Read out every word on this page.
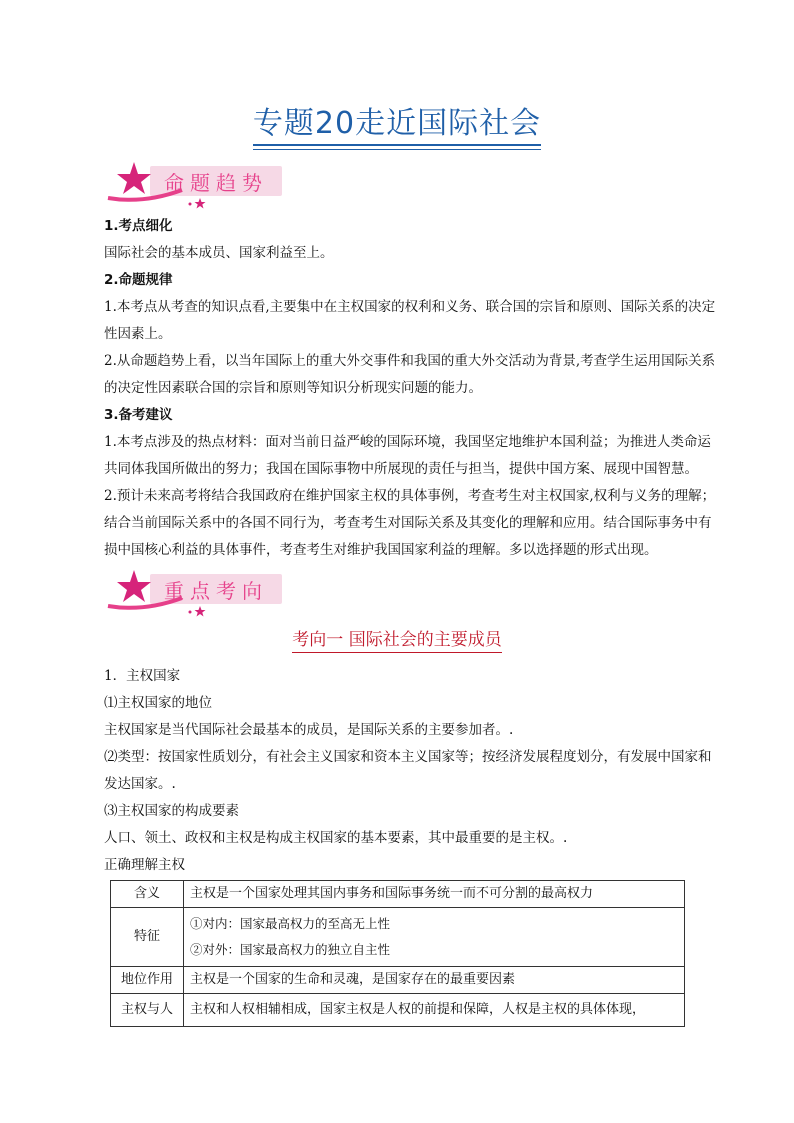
专题20走近国际社会
命题趋势
1.考点细化
国际社会的基本成员、国家利益至上。
2.命题规律
1.本考点从考查的知识点看,主要集中在主权国家的权利和义务、联合国的宗旨和原则、国际关系的决定性因素上。
2.从命题趋势上看，以当年国际上的重大外交事件和我国的重大外交活动为背景,考查学生运用国际关系的决定性因素联合国的宗旨和原则等知识分析现实问题的能力。
3.备考建议
1.本考点涉及的热点材料：面对当前日益严峻的国际环境，我国坚定地维护本国利益；为推进人类命运共同体我国所做出的努力；我国在国际事物中所展现的责任与担当，提供中国方案、展现中国智慧。
2.预计未来高考将结合我国政府在维护国家主权的具体事例，考查考生对主权国家,权利与义务的理解；结合当前国际关系中的各国不同行为，考查考生对国际关系及其变化的理解和应用。结合国际事务中有损中国核心利益的具体事件，考查考生对维护我国国家利益的理解。多以选择题的形式出现。
重点考向
考向一 国际社会的主要成员
1．主权国家
⑴主权国家的地位
主权国家是当代国际社会最基本的成员，是国际关系的主要参加者。.
⑵类型：按国家性质划分，有社会主义国家和资本主义国家等；按经济发展程度划分，有发展中国家和发达国家。.
⑶主权国家的构成要素
人口、领土、政权和主权是构成主权国家的基本要素，其中最重要的是主权。.
正确理解主权
含义	主权是一个国家处理其国内事务和国际事务统一而不可分割的最高权力
特征	①对内：国家最高权力的至高无上性
②对外：国家最高权力的独立自主性

地位作用	主权是一个国家的生命和灵魂，是国家存在的最重要因素
主权与人	主权和人权相辅相成，国家主权是人权的前提和保障，人权是主权的具体体现，
